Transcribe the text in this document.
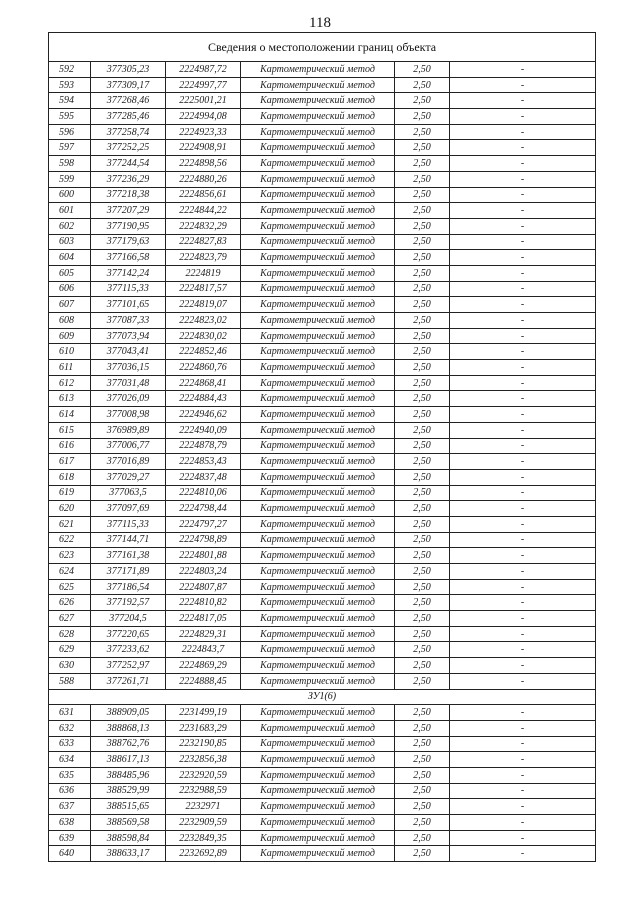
118
Сведения о местоположении границ объекта					
592	377305,23	2224987,72	Картометрический метод	2,50	-
593	377309,17	2224997,77	Картометрический метод	2,50	-
594	377268,46	2225001,21	Картометрический метод	2,50	-
595	377285,46	2224994,08	Картометрический метод	2,50	-
596	377258,74	2224923,33	Картометрический метод	2,50	-
597	377252,25	2224908,91	Картометрический метод	2,50	-
598	377244,54	2224898,56	Картометрический метод	2,50	-
599	377236,29	2224880,26	Картометрический метод	2,50	-
600	377218,38	2224856,61	Картометрический метод	2,50	-
601	377207,29	2224844,22	Картометрический метод	2,50	-
602	377190,95	2224832,29	Картометрический метод	2,50	-
603	377179,63	2224827,83	Картометрический метод	2,50	-
604	377166,58	2224823,79	Картометрический метод	2,50	-
605	377142,24	2224819	Картометрический метод	2,50	-
606	377115,33	2224817,57	Картометрический метод	2,50	-
607	377101,65	2224819,07	Картометрический метод	2,50	-
608	377087,33	2224823,02	Картометрический метод	2,50	-
609	377073,94	2224830,02	Картометрический метод	2,50	-
610	377043,41	2224852,46	Картометрический метод	2,50	-
611	377036,15	2224860,76	Картометрический метод	2,50	-
612	377031,48	2224868,41	Картометрический метод	2,50	-
613	377026,09	2224884,43	Картометрический метод	2,50	-
614	377008,98	2224946,62	Картометрический метод	2,50	-
615	376989,89	2224940,09	Картометрический метод	2,50	-
616	377006,77	2224878,79	Картометрический метод	2,50	-
617	377016,89	2224853,43	Картометрический метод	2,50	-
618	377029,27	2224837,48	Картометрический метод	2,50	-
619	377063,5	2224810,06	Картометрический метод	2,50	-
620	377097,69	2224798,44	Картометрический метод	2,50	-
621	377115,33	2224797,27	Картометрический метод	2,50	-
622	377144,71	2224798,89	Картометрический метод	2,50	-
623	377161,38	2224801,88	Картометрический метод	2,50	-
624	377171,89	2224803,24	Картометрический метод	2,50	-
625	377186,54	2224807,87	Картометрический метод	2,50	-
626	377192,57	2224810,82	Картометрический метод	2,50	-
627	377204,5	2224817,05	Картометрический метод	2,50	-
628	377220,65	2224829,31	Картометрический метод	2,50	-
629	377233,62	2224843,7	Картометрический метод	2,50	-
630	377252,97	2224869,29	Картометрический метод	2,50	-
588	377261,71	2224888,45	Картометрический метод	2,50	-
ЗУ1(6)					
631	388909,05	2231499,19	Картометрический метод	2,50	-
632	388868,13	2231683,29	Картометрический метод	2,50	-
633	388762,76	2232190,85	Картометрический метод	2,50	-
634	388617,13	2232856,38	Картометрический метод	2,50	-
635	388485,96	2232920,59	Картометрический метод	2,50	-
636	388529,99	2232988,59	Картометрический метод	2,50	-
637	388515,65	2232971	Картометрический метод	2,50	-
638	388569,58	2232909,59	Картометрический метод	2,50	-
639	388598,84	2232849,35	Картометрический метод	2,50	-
640	388633,17	2232692,89	Картометрический метод	2,50	-
